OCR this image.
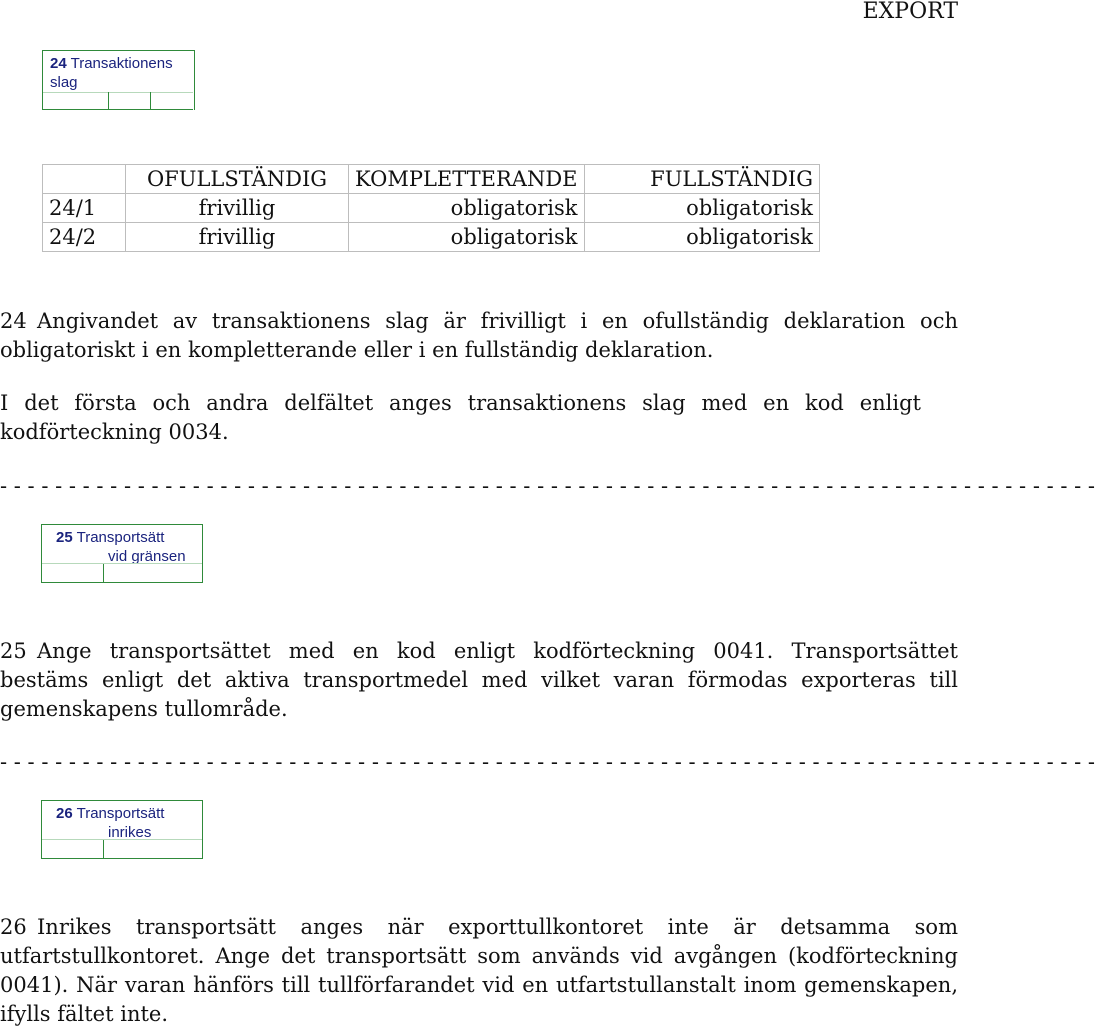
EXPORT
24 Transaktionens
slag
	OFULLSTÄNDIG	KOMPLETTERANDE	FULLSTÄNDIG
24/1	frivillig	obligatorisk	obligatorisk
24/2	frivillig	obligatorisk	obligatorisk
24 Angivandet av transaktionens slag är frivilligt i en ofullständig deklaration och obligatoriskt i en kompletterande eller i en fullständig deklaration.
I det första och andra delfältet anges transaktionens slag med en kod enligt kodförteckning 0034.
- - - - - - - - - - - - - - - - - - - - - - - - - - - - - - - - - - - - - - - - - - - - - - - - - - - - - - - - - - - - - - - - - - - - - - - - - - - - - - - -
25 Transportsätt
vid gränsen
25 Ange transportsättet med en kod enligt kodförteckning 0041. Transportsättet bestäms enligt det aktiva transportmedel med vilket varan förmodas exporteras till gemenskapens tullområde.
- - - - - - - - - - - - - - - - - - - - - - - - - - - - - - - - - - - - - - - - - - - - - - - - - - - - - - - - - - - - - - - - - - - - - - - - - - - - - - - -
26 Transportsätt
inrikes
26 Inrikes transportsätt anges när exporttullkontoret inte är detsamma som utfartstullkontoret. Ange det transportsätt som används vid avgången (kodförteckning 0041). När varan hänförs till tullförfarandet vid en utfartstullanstalt inom gemenskapen, ifylls fältet inte.
